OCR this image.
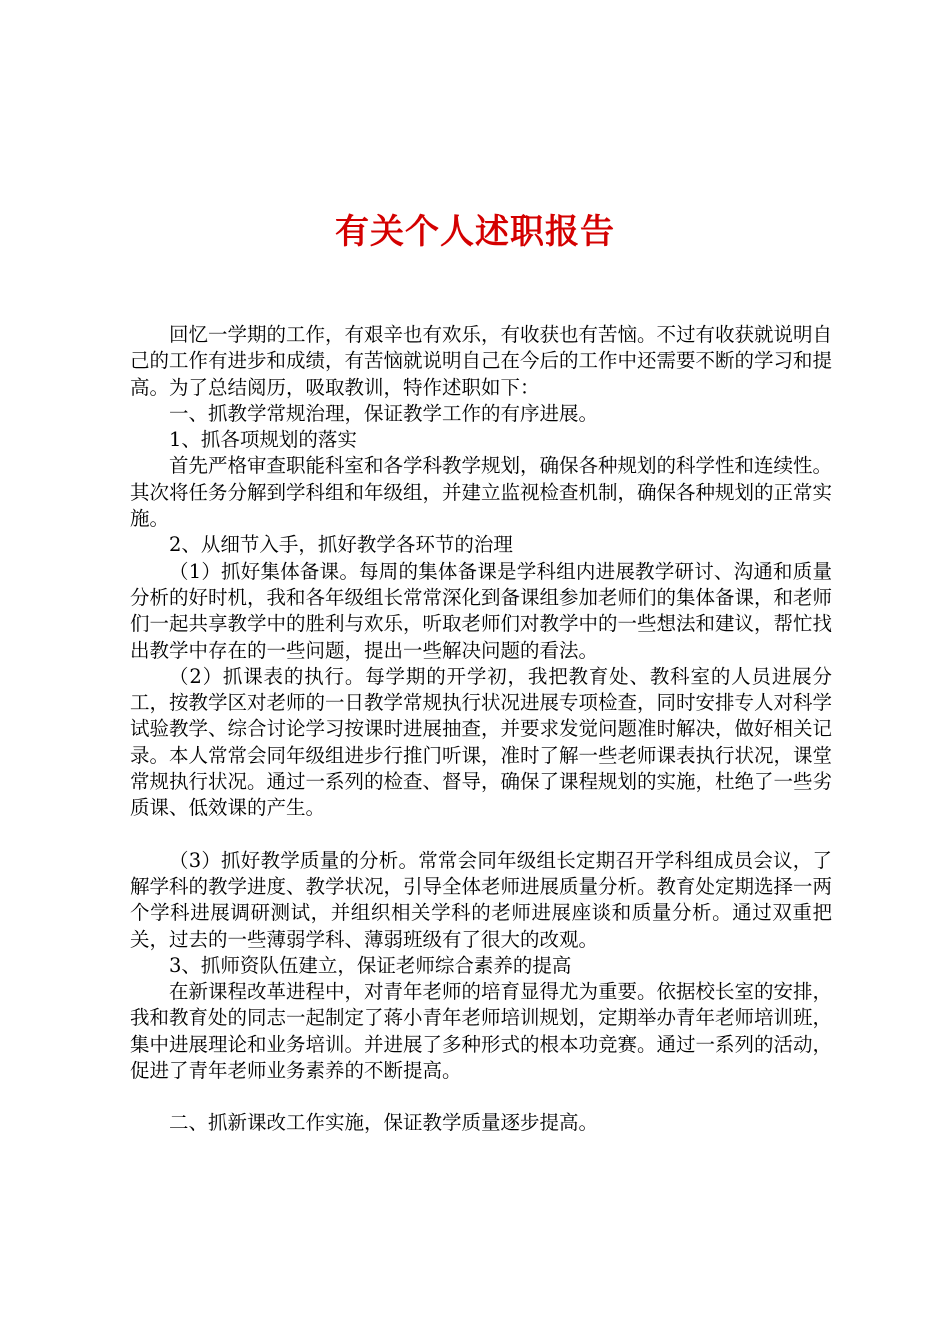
有关个人述职报告

回忆一学期的工作，有艰辛也有欢乐，有收获也有苦恼。不过有收获就说明自己的工作有进步和成绩，有苦恼就说明自己在今后的工作中还需要不断的学习和提高。为了总结阅历，吸取教训，特作述职如下：

一、抓教学常规治理，保证教学工作的有序进展。

1、抓各项规划的落实

首先严格审查职能科室和各学科教学规划，确保各种规划的科学性和连续性。其次将任务分解到学科组和年级组，并建立监视检查机制，确保各种规划的正常实施。

2、从细节入手，抓好教学各环节的治理

（1）抓好集体备课。每周的集体备课是学科组内进展教学研讨、沟通和质量分析的好时机，我和各年级组长常常深化到备课组参加老师们的集体备课，和老师们一起共享教学中的胜利与欢乐，听取老师们对教学中的一些想法和建议，帮忙找出教学中存在的一些问题，提出一些解决问题的看法。

（2）抓课表的执行。每学期的开学初，我把教育处、教科室的人员进展分工，按教学区对老师的一日教学常规执行状况进展专项检查，同时安排专人对科学试验教学、综合讨论学习按课时进展抽查，并要求发觉问题准时解决，做好相关记录。本人常常会同年级组进步行推门听课，准时了解一些老师课表执行状况，课堂常规执行状况。通过一系列的检查、督导，确保了课程规划的实施，杜绝了一些劣质课、低效课的产生。

（3）抓好教学质量的分析。常常会同年级组长定期召开学科组成员会议，了解学科的教学进度、教学状况，引导全体老师进展质量分析。教育处定期选择一两个学科进展调研测试，并组织相关学科的老师进展座谈和质量分析。通过双重把关，过去的一些薄弱学科、薄弱班级有了很大的改观。

3、抓师资队伍建立，保证老师综合素养的提高

在新课程改革进程中，对青年老师的培育显得尤为重要。依据校长室的安排，我和教育处的同志一起制定了蒋小青年老师培训规划，定期举办青年老师培训班，集中进展理论和业务培训。并进展了多种形式的根本功竞赛。通过一系列的活动，促进了青年老师业务素养的不断提高。

二、抓新课改工作实施，保证教学质量逐步提高。
